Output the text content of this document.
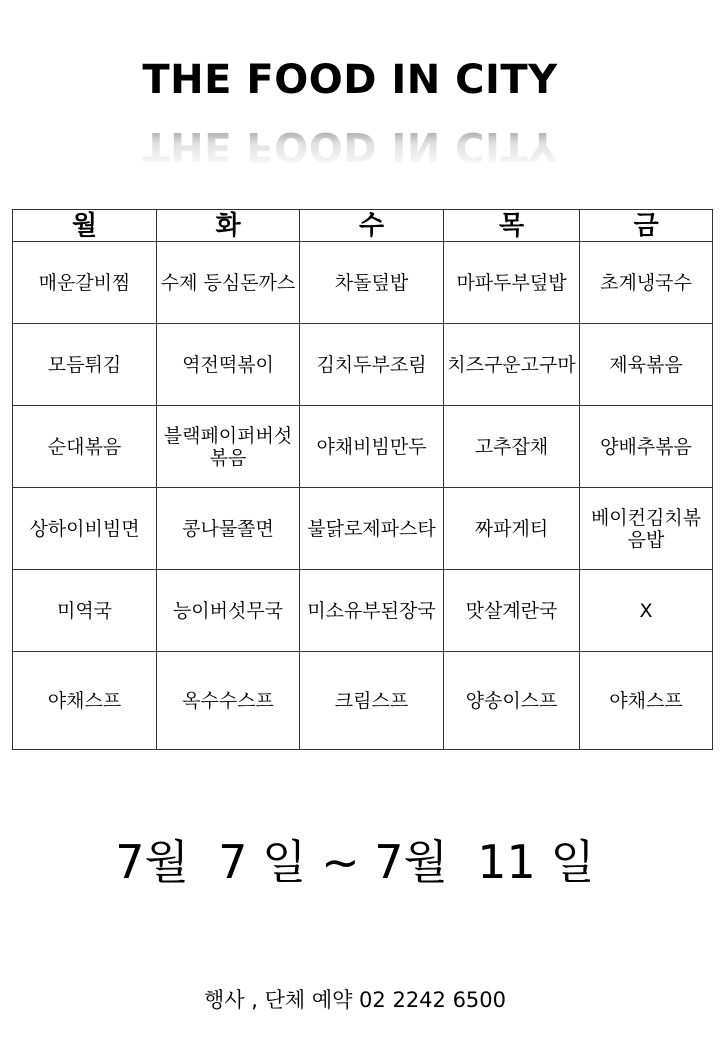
THE FOOD IN CITY
THE FOOD IN CITY
월	화	수	목	금
매운갈비찜	수제 등심돈까스	차돌덮밥	마파두부덮밥	초계냉국수
모듬튀김	역전떡볶이	김치두부조림	치즈구운고구마	제육볶음
순대볶음	블랙페이퍼버섯볶음	야채비빔만두	고추잡채	양배추볶음
상하이비빔면	콩나물쫄면	불닭로제파스타	짜파게티	베이컨김치볶음밥
미역국	능이버섯무국	미소유부된장국	맛살계란국	X
야채스프	옥수수스프	크림스프	양송이스프	야채스프
7월  7 일 ~ 7월  11 일
행사 , 단체 예약 02 2242 6500
